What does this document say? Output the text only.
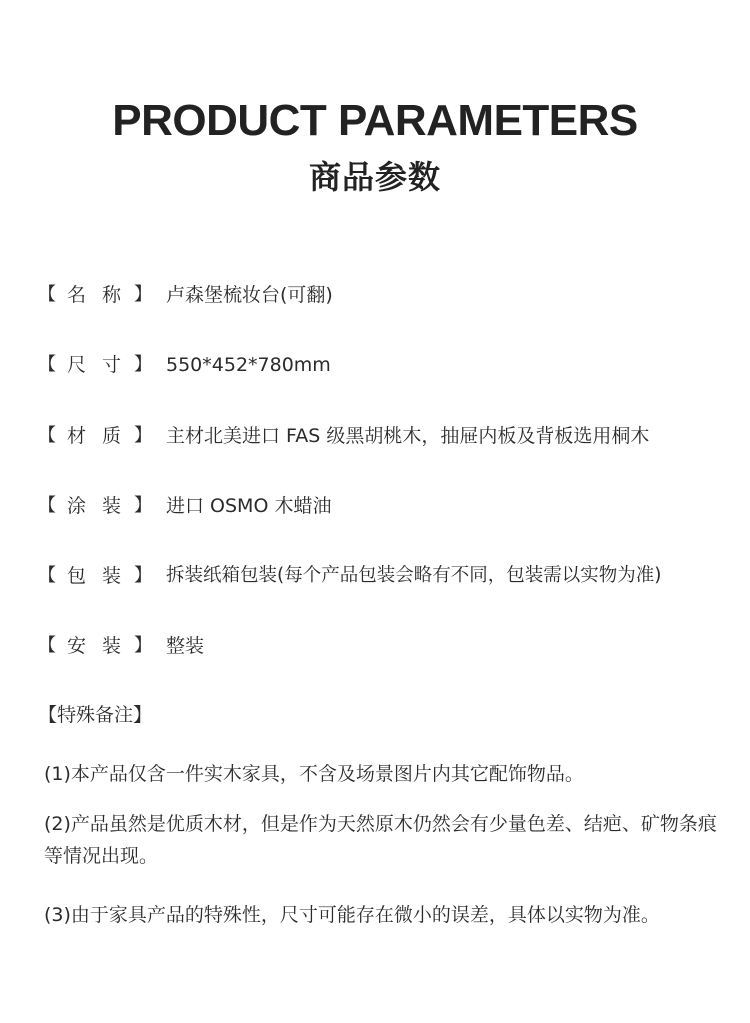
PRODUCT PARAMETERS
商品参数
【 名 称 】 卢森堡梳妆台(可翻)
【 尺 寸 】 550*452*780mm
【 材 质 】 主材北美进口 FAS 级黑胡桃木，抽屉内板及背板选用桐木
【 涂 装 】 进口 OSMO 木蜡油
【 包 装 】 拆装纸箱包装(每个产品包装会略有不同，包装需以实物为准)
【 安 装 】 整装
【特殊备注】
(1)本产品仅含一件实木家具，不含及场景图片内其它配饰物品。
(2)产品虽然是优质木材，但是作为天然原木仍然会有少量色差、结疤、矿物条痕等情况出现。
(3)由于家具产品的特殊性，尺寸可能存在微小的误差，具体以实物为准。
